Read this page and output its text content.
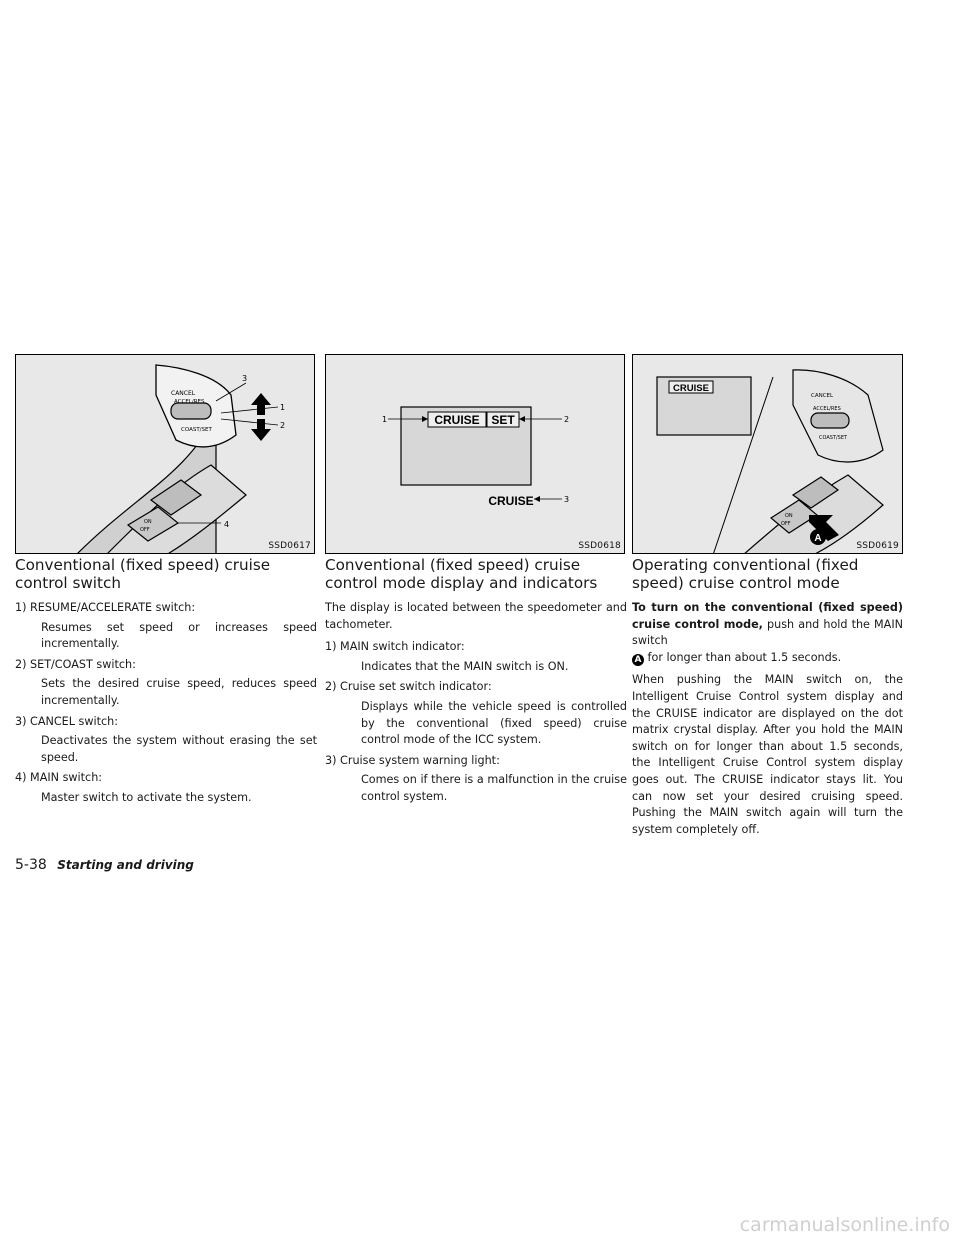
CANCEL
ACCEL/RES
COAST/SET
ON
OFF
3
1
2
4
SSD0617
CRUISE SET
CRUISE
1	2
3
SSD0618
CRUISE
CANCEL
ACCEL/RES
COAST/SET
ON
OFF
A
SSD0619
Conventional (fixed speed) cruise control switch
1) RESUME/ACCELERATE switch:
Resumes set speed or increases speed incrementally.
2) SET/COAST switch:
Sets the desired cruise speed, reduces speed incrementally.
3) CANCEL switch:
Deactivates the system without erasing the set speed.
4) MAIN switch:
Master switch to activate the system.
Conventional (fixed speed) cruise control mode display and indicators

The display is located between the speedometer and tachometer.

1) MAIN switch indicator:
Indicates that the MAIN switch is ON.
2) Cruise set switch indicator:
Displays while the vehicle speed is controlled by the conventional (fixed speed) cruise control mode of the ICC system.
3) Cruise system warning light:
Comes on if there is a malfunction in the cruise control system.
Operating conventional (fixed speed) cruise control mode

To turn on the conventional (fixed speed) cruise control mode, push and hold the MAIN switch
A for longer than about 1.5 seconds.

When pushing the MAIN switch on, the Intelligent Cruise Control system display and the CRUISE indicator are displayed on the dot matrix crystal display. After you hold the MAIN switch on for longer than about 1.5 seconds, the Intelligent Cruise Control system display goes out. The CRUISE indicator stays lit. You can now set your desired cruising speed. Pushing the MAIN switch again will turn the system completely off.

5-38 Starting and driving
carmanualsonline.info
